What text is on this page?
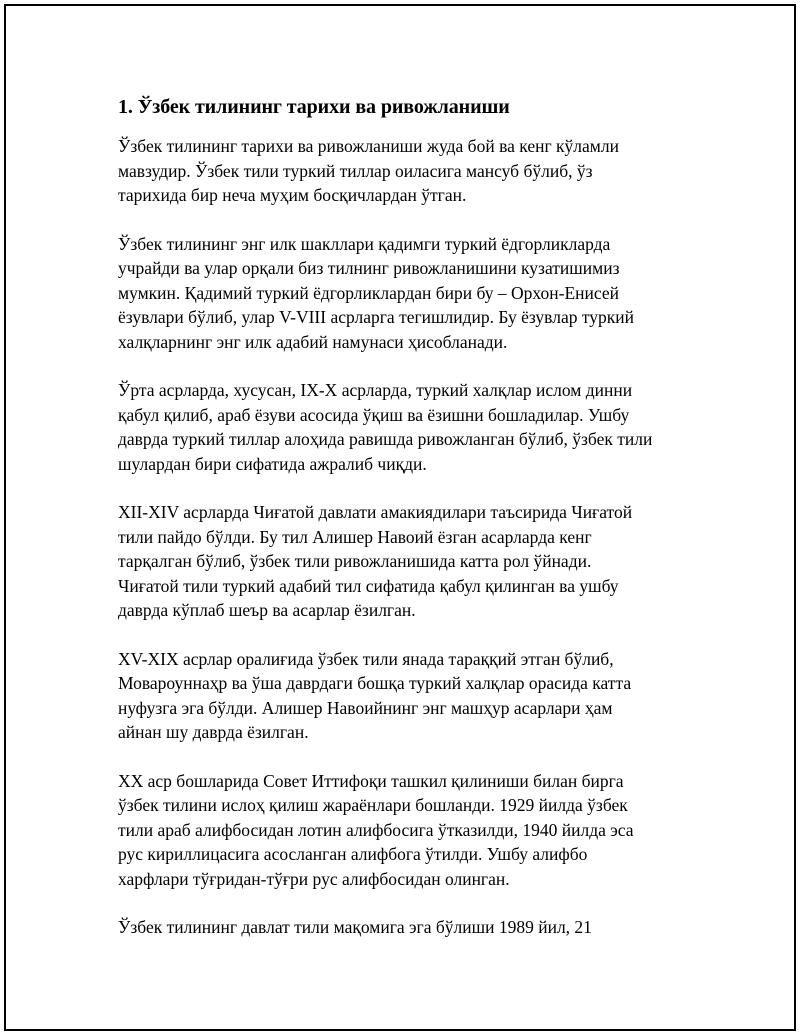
1. Ўзбек тилининг тарихи ва ривожланиши

Ўзбек тилининг тарихи ва ривожланиши жуда бой ва кенг кўламли
мавзудир. Ўзбек тили туркий тиллар оиласига мансуб бўлиб, ўз
тарихида бир неча муҳим босқичлардан ўтган.

Ўзбек тилининг энг илк шакллари қадимги туркий ёдгорликларда
учрайди ва улар орқали биз тилнинг ривожланишини кузатишимиз
мумкин. Қадимий туркий ёдгорликлардан бири бу – Орхон-Енисей
ёзувлари бўлиб, улар V-VIII асрларга тегишлидир. Бу ёзувлар туркий
халқларнинг энг илк адабий намунаси ҳисобланади.

Ўрта асрларда, хусусан, IX-X асрларда, туркий халқлар ислом динни
қабул қилиб, араб ёзуви асосида ўқиш ва ёзишни бошладилар. Ушбу
даврда туркий тиллар алоҳида равишда ривожланган бўлиб, ўзбек тили
шулардан бири сифатида ажралиб чиқди.

XII-XIV асрларда Чиғатой давлати амакиядилари таъсирида Чиғатой
тили пайдо бўлди. Бу тил Алишер Навоий ёзган асарларда кенг
тарқалган бўлиб, ўзбек тили ривожланишида катта рол ўйнади.
Чиғатой тили туркий адабий тил сифатида қабул қилинган ва ушбу
даврда кўплаб шеър ва асарлар ёзилган.

XV-XIX асрлар оралиғида ўзбек тили янада тараққий этган бўлиб,
Мовароуннаҳр ва ўша даврдаги бошқа туркий халқлар орасида катта
нуфузга эга бўлди. Алишер Навоийнинг энг машҳур асарлари ҳам
айнан шу даврда ёзилган.

XX аср бошларида Совет Иттифоқи ташкил қилиниши билан бирга
ўзбек тилини ислоҳ қилиш жараёнлари бошланди. 1929 йилда ўзбек
тили араб алифбосидан лотин алифбосига ўтказилди, 1940 йилда эса
рус кириллицасига асосланган алифбога ўтилди. Ушбу алифбо
харфлари тўғридан-тўғри рус алифбосидан олинган.

Ўзбек тилининг давлат тили мақомига эга бўлиши 1989 йил, 21
